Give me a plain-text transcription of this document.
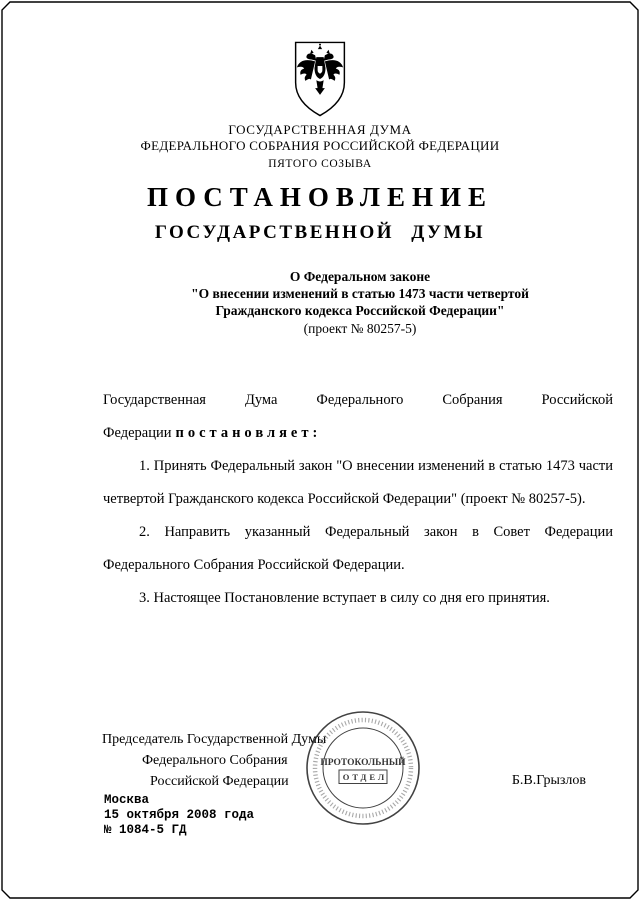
ГОСУДАРСТВЕННАЯ ДУМА
ФЕДЕРАЛЬНОГО СОБРАНИЯ РОССИЙСКОЙ ФЕДЕРАЦИИ
ПЯТОГО СОЗЫВА
ПОСТАНОВЛЕНИЕ
ГОСУДАРСТВЕННОЙ ДУМЫ
О Федеральном законе
"О внесении изменений в статью 1473 части четвертой
Гражданского кодекса Российской Федерации"
(проект № 80257-5)

Государственная Дума Федерального Собрания Российской Федерации постановляет:

1. Принять Федеральный закон "О внесении изменений в статью 1473 части четвертой Гражданского кодекса Российской Федерации" (проект № 80257-5).

2. Направить указанный Федеральный закон в Совет Федерации Федерального Собрания Российской Федерации.

3. Настоящее Постановление вступает в силу со дня его принятия.

Председатель Государственной Думы
Федерального Собрания
Российской Федерации	Б.В.Грызлов
ПРОТОКОЛЬНЫЙ
ОТДЕЛ
Москва
15 октября 2008 года
№ 1084-5 ГД
